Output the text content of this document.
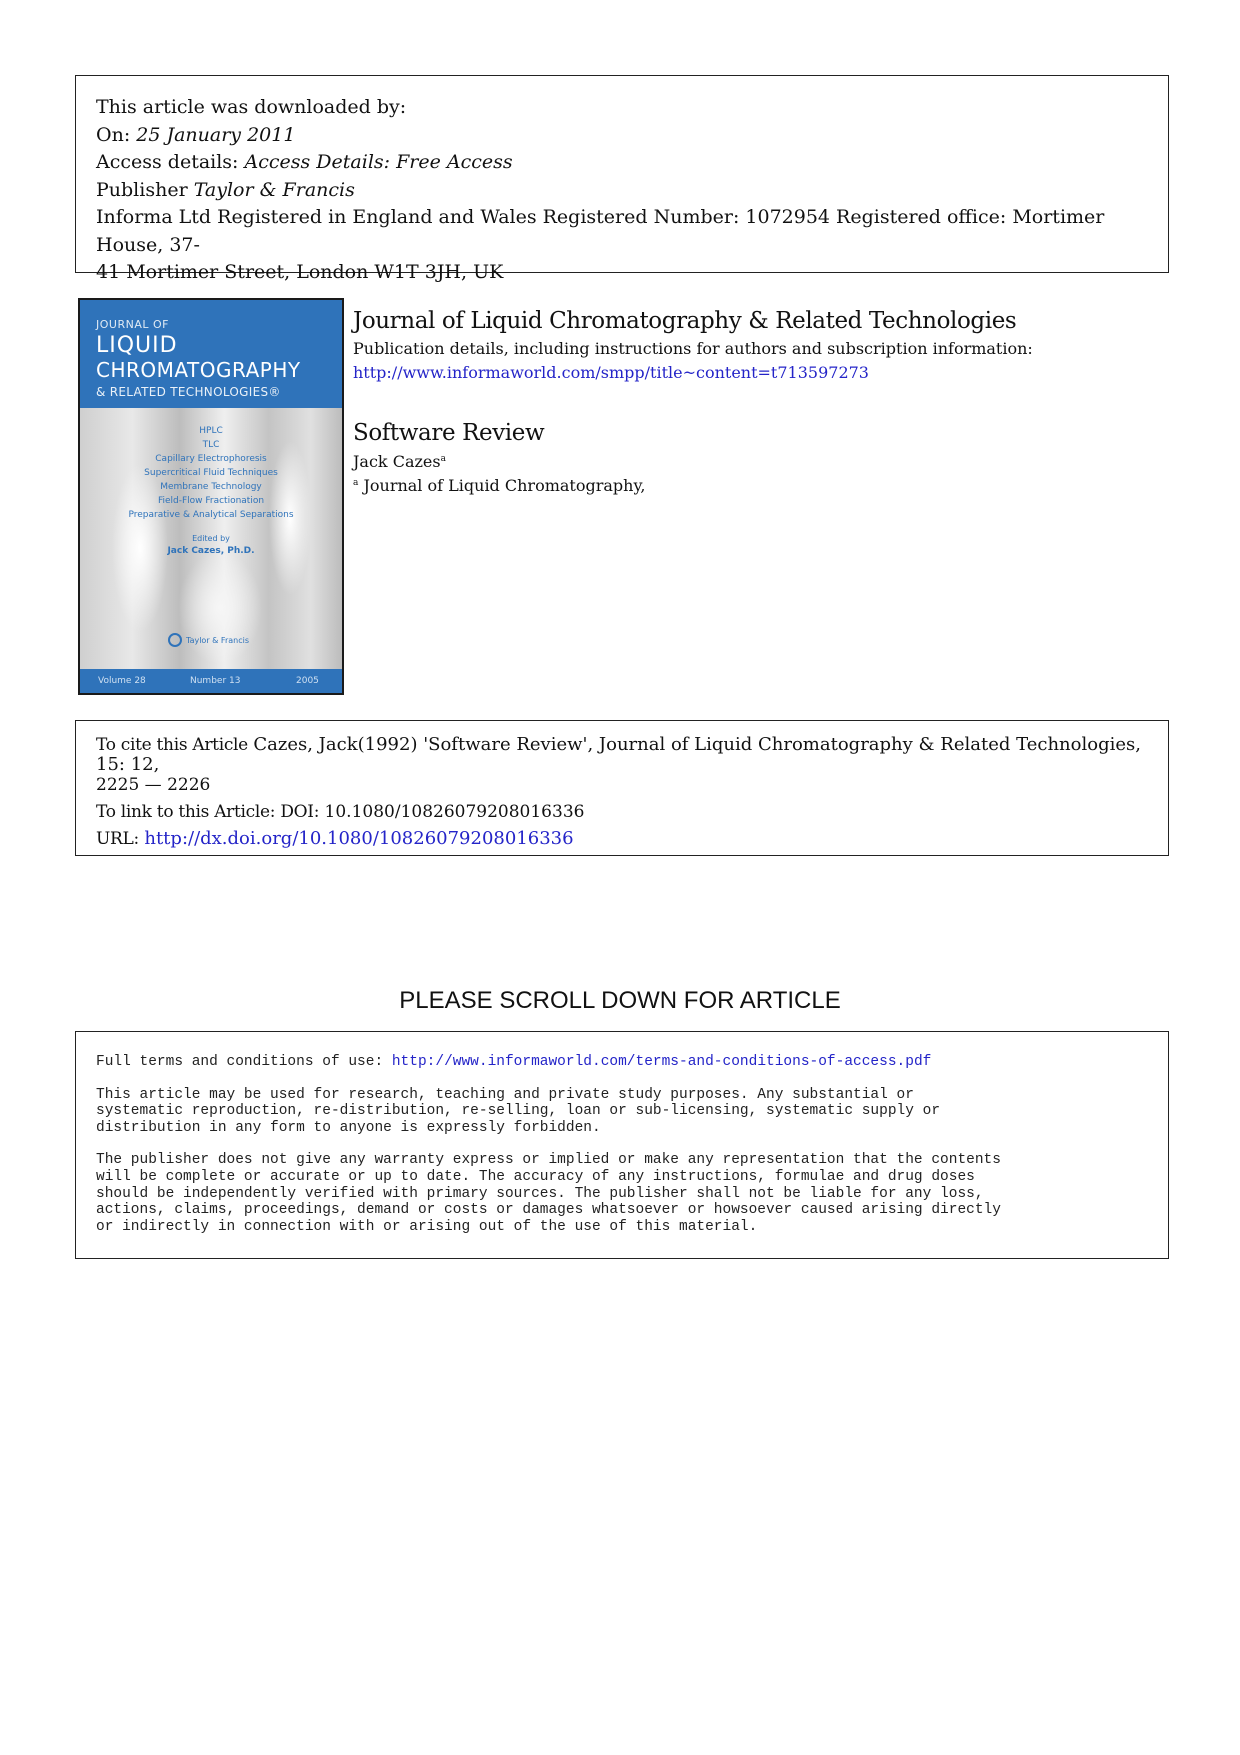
This article was downloaded by:
On: 25 January 2011
Access details: Access Details: Free Access
Publisher Taylor & Francis
Informa Ltd Registered in England and Wales Registered Number: 1072954 Registered office: Mortimer House, 37-
41 Mortimer Street, London W1T 3JH, UK
JOURNAL OF
LIQUID
CHROMATOGRAPHY
& RELATED TECHNOLOGIES®
HPLC
TLC
Capillary Electrophoresis
Supercritical Fluid Techniques
Membrane Technology
Field-Flow Fractionation
Preparative & Analytical Separations
Edited by
Jack Cazes, Ph.D.
Taylor & Francis
Volume 28	Number 13	2005
Journal of Liquid Chromatography & Related Technologies
Publication details, including instructions for authors and subscription information:
http://www.informaworld.com/smpp/title~content=t713597273
Software Review
Jack Cazes$^a$
$^a$ Journal of Liquid Chromatography,
To cite this Article Cazes, Jack(1992) 'Software Review', Journal of Liquid Chromatography & Related Technologies, 15: 12,
2225 — 2226
To link to this Article: DOI: 10.1080/10826079208016336
URL: http://dx.doi.org/10.1080/10826079208016336
PLEASE SCROLL DOWN FOR ARTICLE

Full terms and conditions of use: http://www.informaworld.com/terms-and-conditions-of-access.pdf

This article may be used for research, teaching and private study purposes. Any substantial or
systematic reproduction, re-distribution, re-selling, loan or sub-licensing, systematic supply or
distribution in any form to anyone is expressly forbidden.

The publisher does not give any warranty express or implied or make any representation that the contents
will be complete or accurate or up to date. The accuracy of any instructions, formulae and drug doses
should be independently verified with primary sources. The publisher shall not be liable for any loss,
actions, claims, proceedings, demand or costs or damages whatsoever or howsoever caused arising directly
or indirectly in connection with or arising out of the use of this material.
